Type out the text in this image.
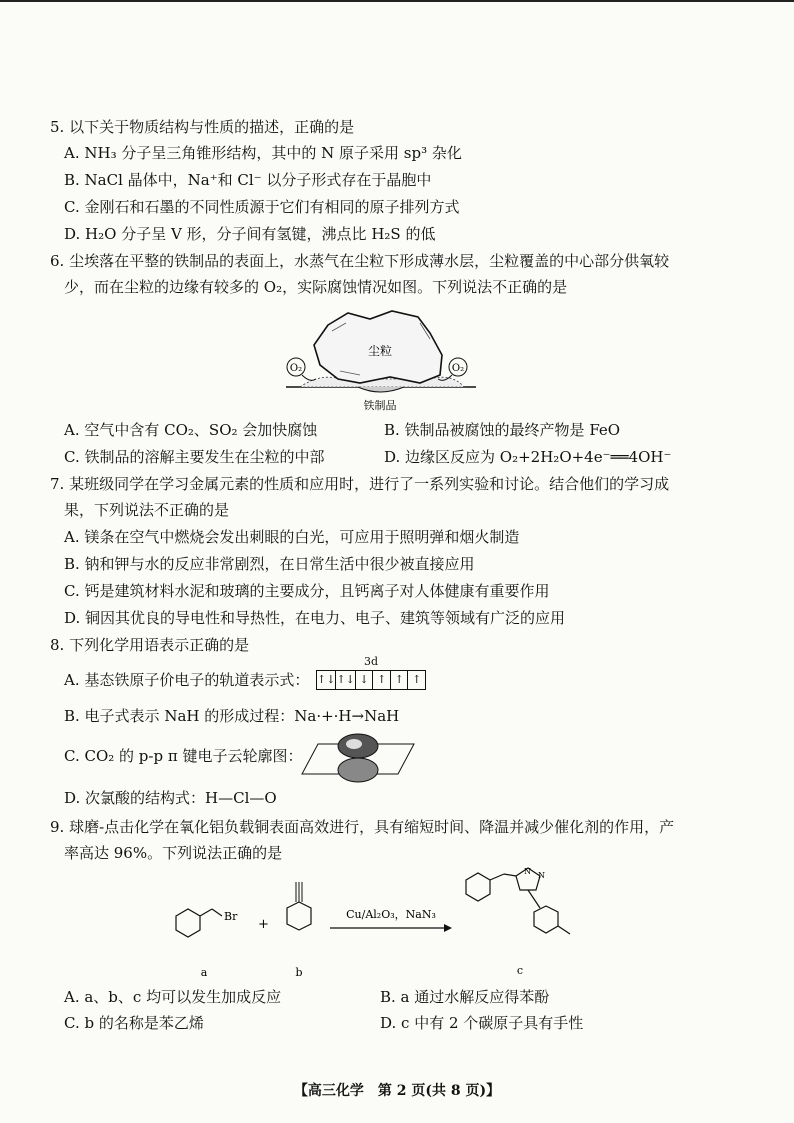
5. 以下关于物质结构与性质的描述，正确的是
A. NH₃ 分子呈三角锥形结构，其中的 N 原子采用 sp³ 杂化
B. NaCl 晶体中，Na⁺和 Cl⁻ 以分子形式存在于晶胞中
C. 金刚石和石墨的不同性质源于它们有相同的原子排列方式
D. H₂O 分子呈 V 形，分子间有氢键，沸点比 H₂S 的低
6. 尘埃落在平整的铁制品的表面上，水蒸气在尘粒下形成薄水层，尘粒覆盖的中心部分供氧较
少，而在尘粒的边缘有较多的 O₂，实际腐蚀情况如图。下列说法不正确的是
尘粒
O₂	O₂
铁制品
A. 空气中含有 CO₂、SO₂ 会加快腐蚀	B. 铁制品被腐蚀的最终产物是 FeO
C. 铁制品的溶解主要发生在尘粒的中部	D. 边缘区反应为 O₂+2H₂O+4e⁻══4OH⁻
7. 某班级同学在学习金属元素的性质和应用时，进行了一系列实验和讨论。结合他们的学习成
果，下列说法不正确的是
A. 镁条在空气中燃烧会发出刺眼的白光，可应用于照明弹和烟火制造
B. 钠和钾与水的反应非常剧烈，在日常生活中很少被直接应用
C. 钙是建筑材料水泥和玻璃的主要成分，且钙离子对人体健康有重要作用
D. 铜因其优良的导电性和导热性，在电力、电子、建筑等领域有广泛的应用
8. 下列化学用语表示正确的是
A. 基态铁原子价电子的轨道表示式：
3d
↑↓ ↑↓ ↓ ↑ ↑ ↑
B. 电子式表示 NaH 的形成过程：Na·+·H→NaH
C. CO₂ 的 p-p π 键电子云轮廓图：
D. 次氯酸的结构式：H—Cl—O
9. 球磨-点击化学在氧化铝负载铜表面高效进行，具有缩短时间、降温并减少催化剂的作用，产
率高达 96%。下列说法正确的是
Br
+
Cu/Al₂O₃，NaN₃
N N
a	b	c
A. a、b、c 均可以发生加成反应	B. a 通过水解反应得苯酚
C. b 的名称是苯乙烯	D. c 中有 2 个碳原子具有手性
【高三化学　第 2 页(共 8 页)】
